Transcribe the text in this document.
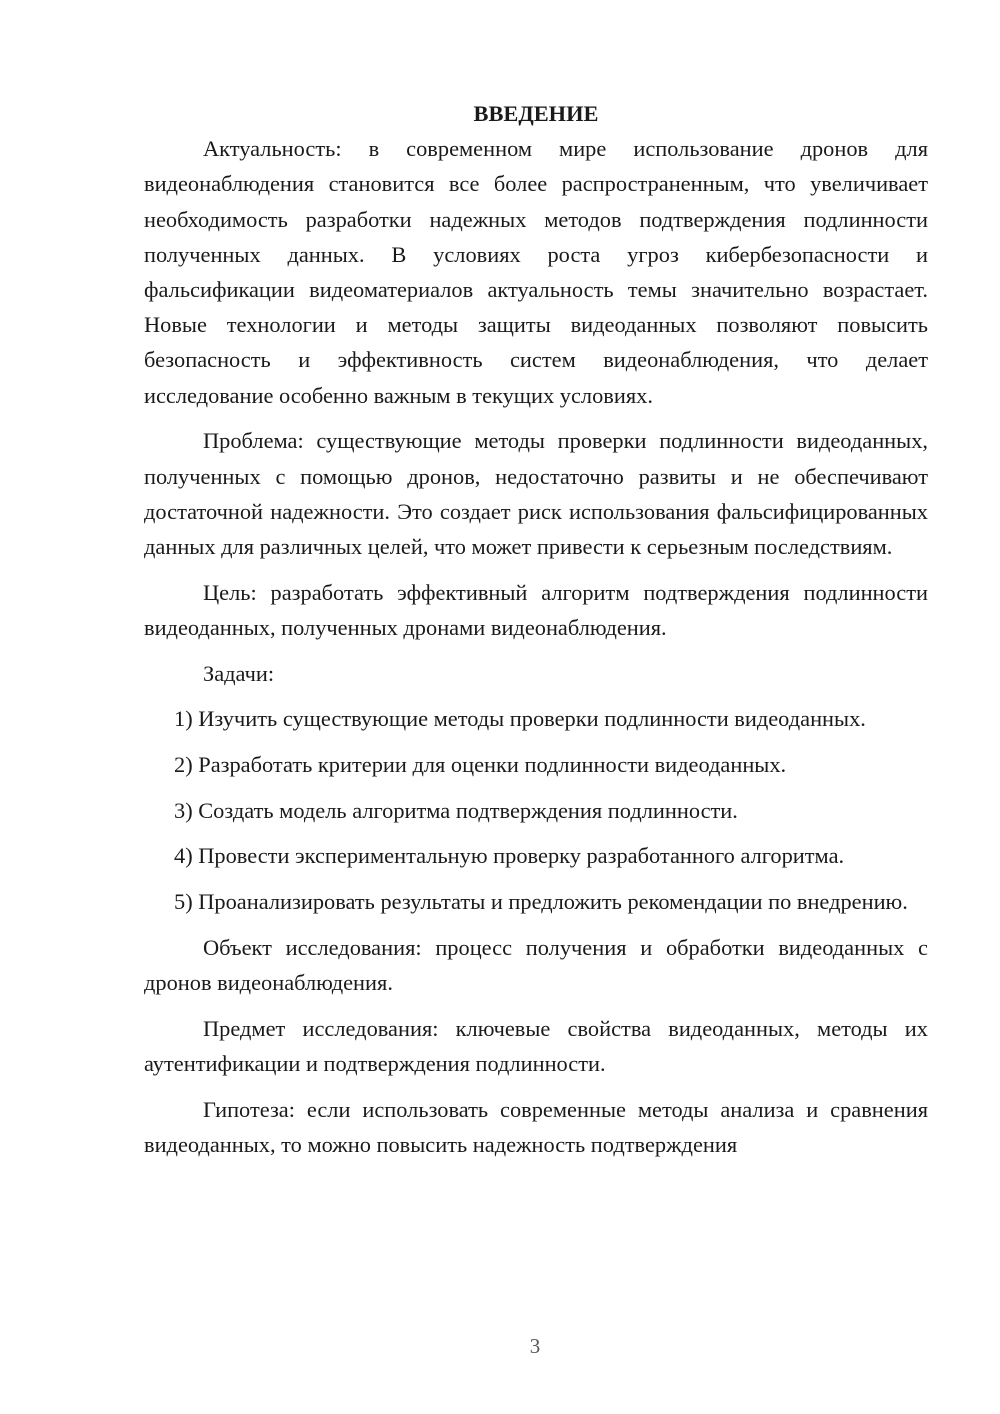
ВВЕДЕНИЕ

Актуальность: в современном мире использование дронов для видеонаблюдения становится все более распространенным, что увеличивает необходимость разработки надежных методов подтверждения подлинности полученных данных. В условиях роста угроз кибербезопасности и фальсификации видеоматериалов актуальность темы значительно возрастает. Новые технологии и методы защиты видеоданных позволяют повысить безопасность и эффективность систем видеонаблюдения, что делает исследование особенно важным в текущих условиях.

Проблема: существующие методы проверки подлинности видеоданных, полученных с помощью дронов, недостаточно развиты и не обеспечивают достаточной надежности. Это создает риск использования фальсифицированных данных для различных целей, что может привести к серьезным последствиям.

Цель: разработать эффективный алгоритм подтверждения подлинности видеоданных, полученных дронами видеонаблюдения.

Задачи:

1) Изучить существующие методы проверки подлинности видеоданных.

2) Разработать критерии для оценки подлинности видеоданных.

3) Создать модель алгоритма подтверждения подлинности.

4) Провести экспериментальную проверку разработанного алгоритма.

5) Проанализировать результаты и предложить рекомендации по внедрению.

Объект исследования: процесс получения и обработки видеоданных с дронов видеонаблюдения.

Предмет исследования: ключевые свойства видеоданных, методы их аутентификации и подтверждения подлинности.

Гипотеза: если использовать современные методы анализа и сравнения видеоданных, то можно повысить надежность подтверждения

3
